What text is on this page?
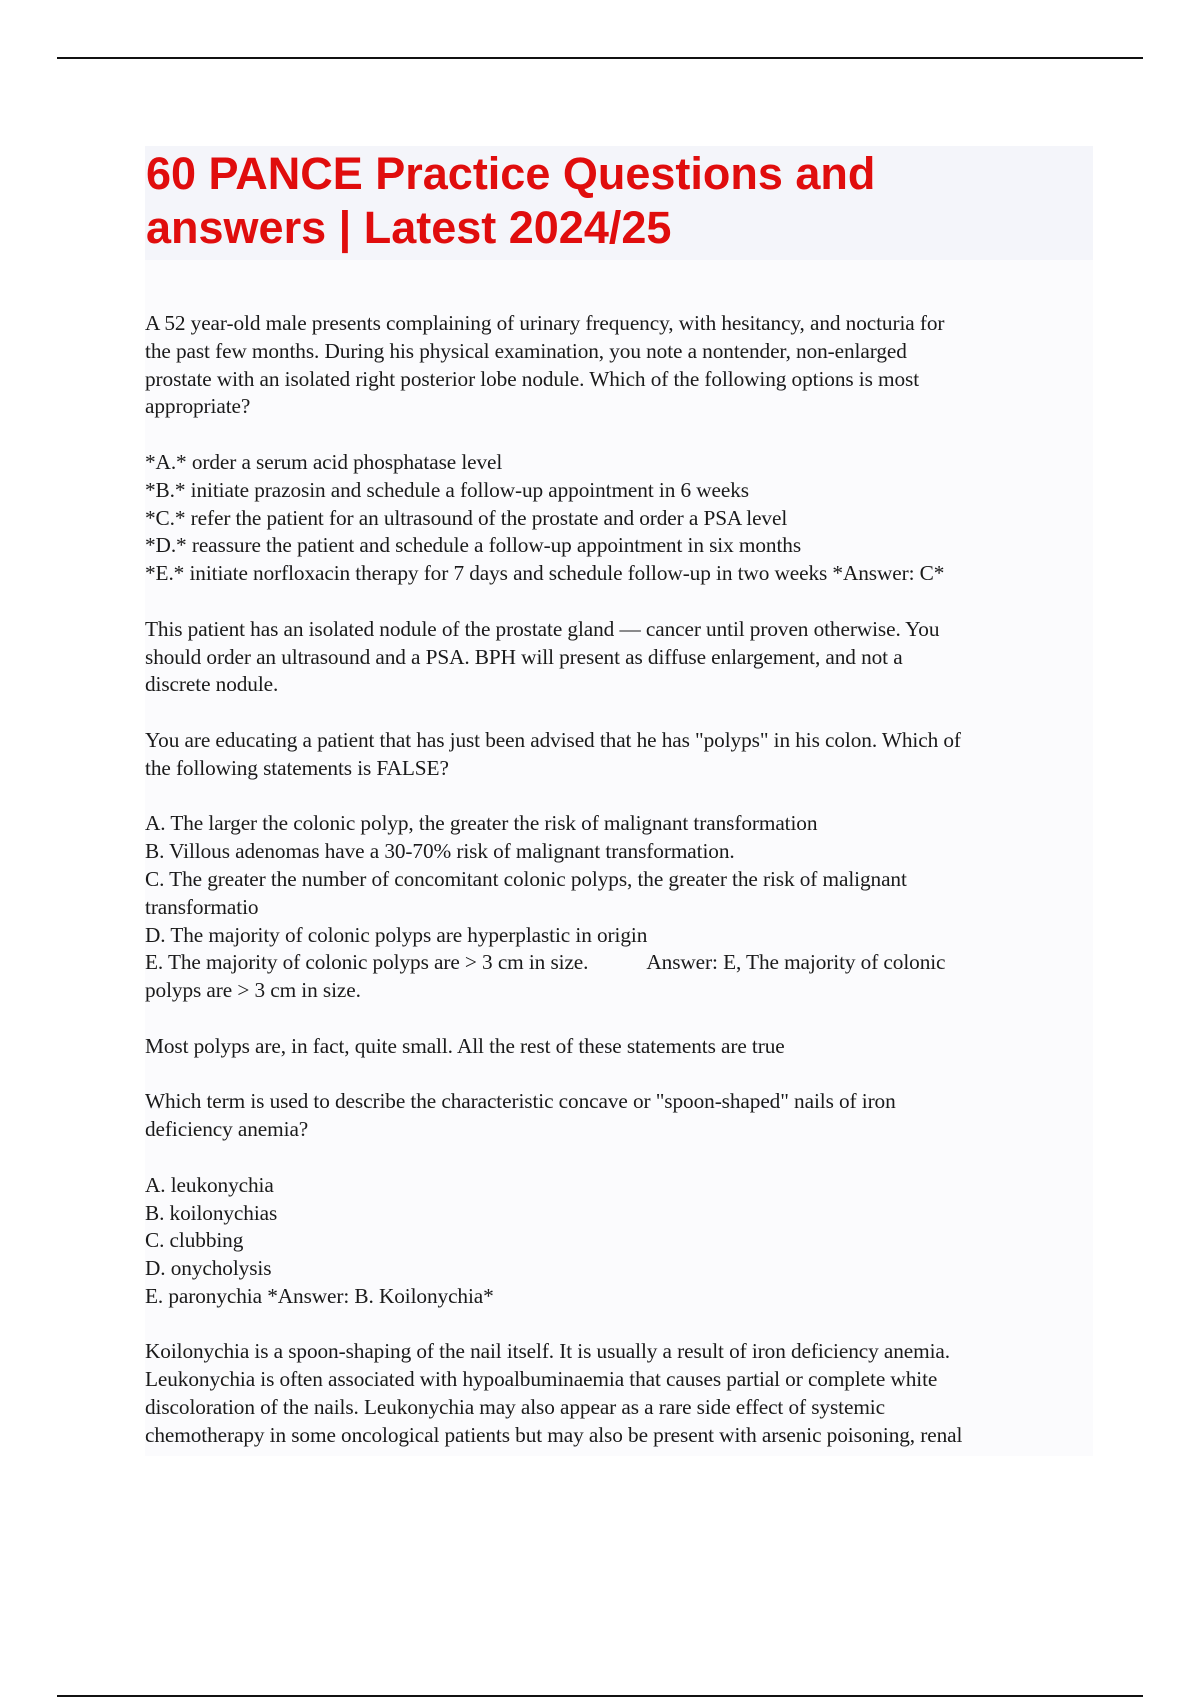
60 PANCE Practice Questions and
answers | Latest 2024/25

A 52 year-old male presents complaining of urinary frequency, with hesitancy, and nocturia for
the past few months. During his physical examination, you note a nontender, non-enlarged
prostate with an isolated right posterior lobe nodule. Which of the following options is most
appropriate?

*A.* order a serum acid phosphatase level
*B.* initiate prazosin and schedule a follow-up appointment in 6 weeks
*C.* refer the patient for an ultrasound of the prostate and order a PSA level
*D.* reassure the patient and schedule a follow-up appointment in six months
*E.* initiate norfloxacin therapy for 7 days and schedule follow-up in two weeks *Answer: C*

This patient has an isolated nodule of the prostate gland — cancer until proven otherwise. You
should order an ultrasound and a PSA. BPH will present as diffuse enlargement, and not a
discrete nodule.

You are educating a patient that has just been advised that he has "polyps" in his colon. Which of
the following statements is FALSE?

A. The larger the colonic polyp, the greater the risk of malignant transformation
B. Villous adenomas have a 30-70% risk of malignant transformation.
C. The greater the number of concomitant colonic polyps, the greater the risk of malignant
transformatio
D. The majority of colonic polyps are hyperplastic in origin
E. The majority of colonic polyps are > 3 cm in size.	Answer: E, The majority of colonic
polyps are > 3 cm in size.

Most polyps are, in fact, quite small. All the rest of these statements are true

Which term is used to describe the characteristic concave or "spoon-shaped" nails of iron
deficiency anemia?

A. leukonychia
B. koilonychias
C. clubbing
D. onycholysis
E. paronychia *Answer: B. Koilonychia*

Koilonychia is a spoon-shaping of the nail itself. It is usually a result of iron deficiency anemia.
Leukonychia is often associated with hypoalbuminaemia that causes partial or complete white
discoloration of the nails. Leukonychia may also appear as a rare side effect of systemic
chemotherapy in some oncological patients but may also be present with arsenic poisoning, renal
